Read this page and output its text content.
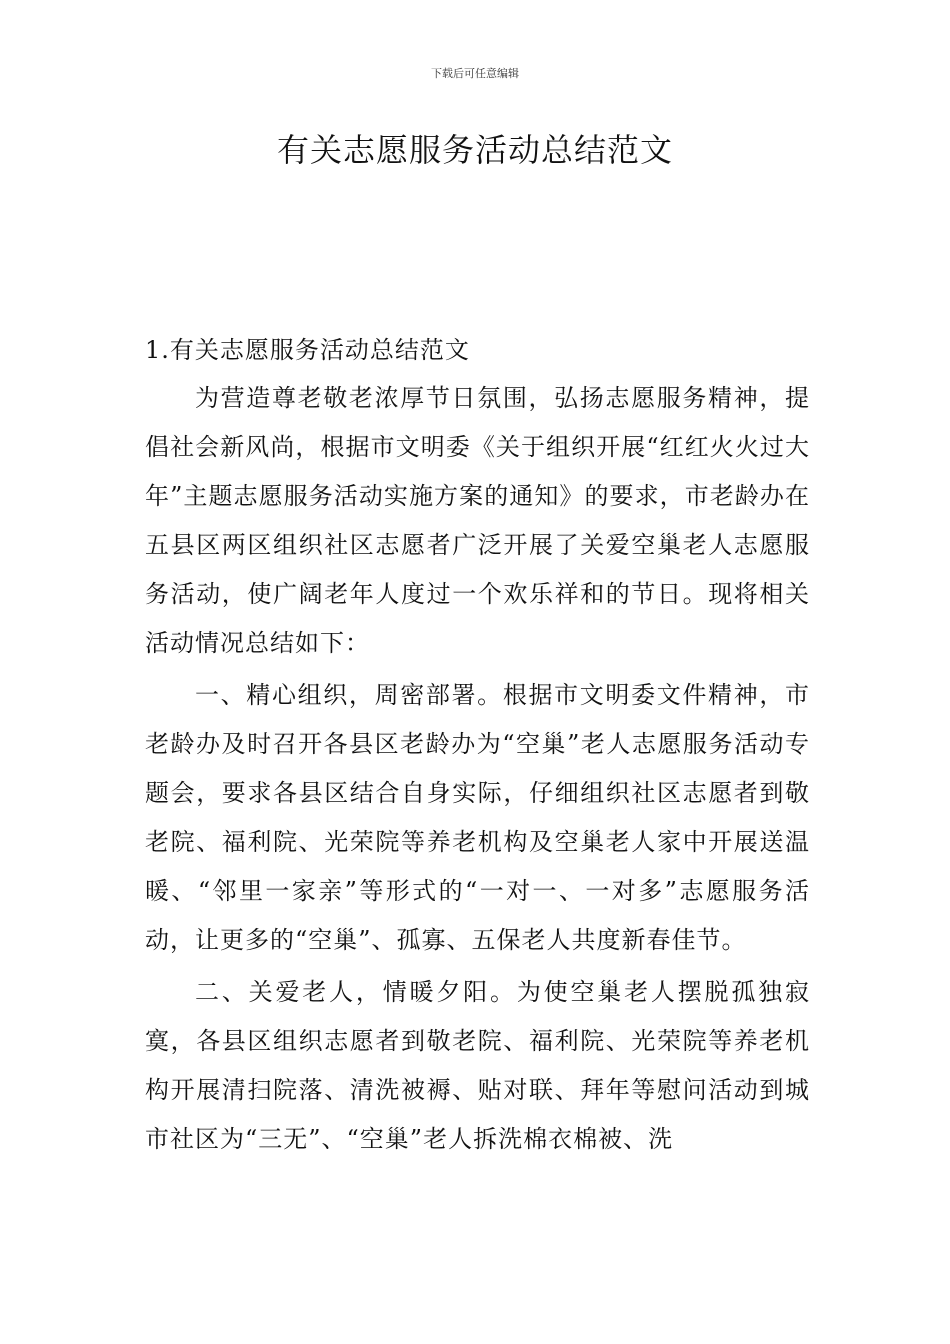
下载后可任意编辑
有关志愿服务活动总结范文

1.有关志愿服务活动总结范文

为营造尊老敬老浓厚节日氛围，弘扬志愿服务精神，提倡社会新风尚，根据市文明委《关于组织开展“红红火火过大年”主题志愿服务活动实施方案的通知》的要求，市老龄办在五县区两区组织社区志愿者广泛开展了关爱空巢老人志愿服务活动，使广阔老年人度过一个欢乐祥和的节日。现将相关活动情况总结如下：

一、精心组织，周密部署。根据市文明委文件精神，市老龄办及时召开各县区老龄办为“空巢”老人志愿服务活动专题会，要求各县区结合自身实际，仔细组织社区志愿者到敬老院、福利院、光荣院等养老机构及空巢老人家中开展送温暖、“邻里一家亲”等形式的“一对一、一对多”志愿服务活动，让更多的“空巢”、孤寡、五保老人共度新春佳节。

二、关爱老人，情暖夕阳。为使空巢老人摆脱孤独寂寞，各县区组织志愿者到敬老院、福利院、光荣院等养老机构开展清扫院落、清洗被褥、贴对联、拜年等慰问活动到城市社区为“三无”、“空巢”老人拆洗棉衣棉被、洗
